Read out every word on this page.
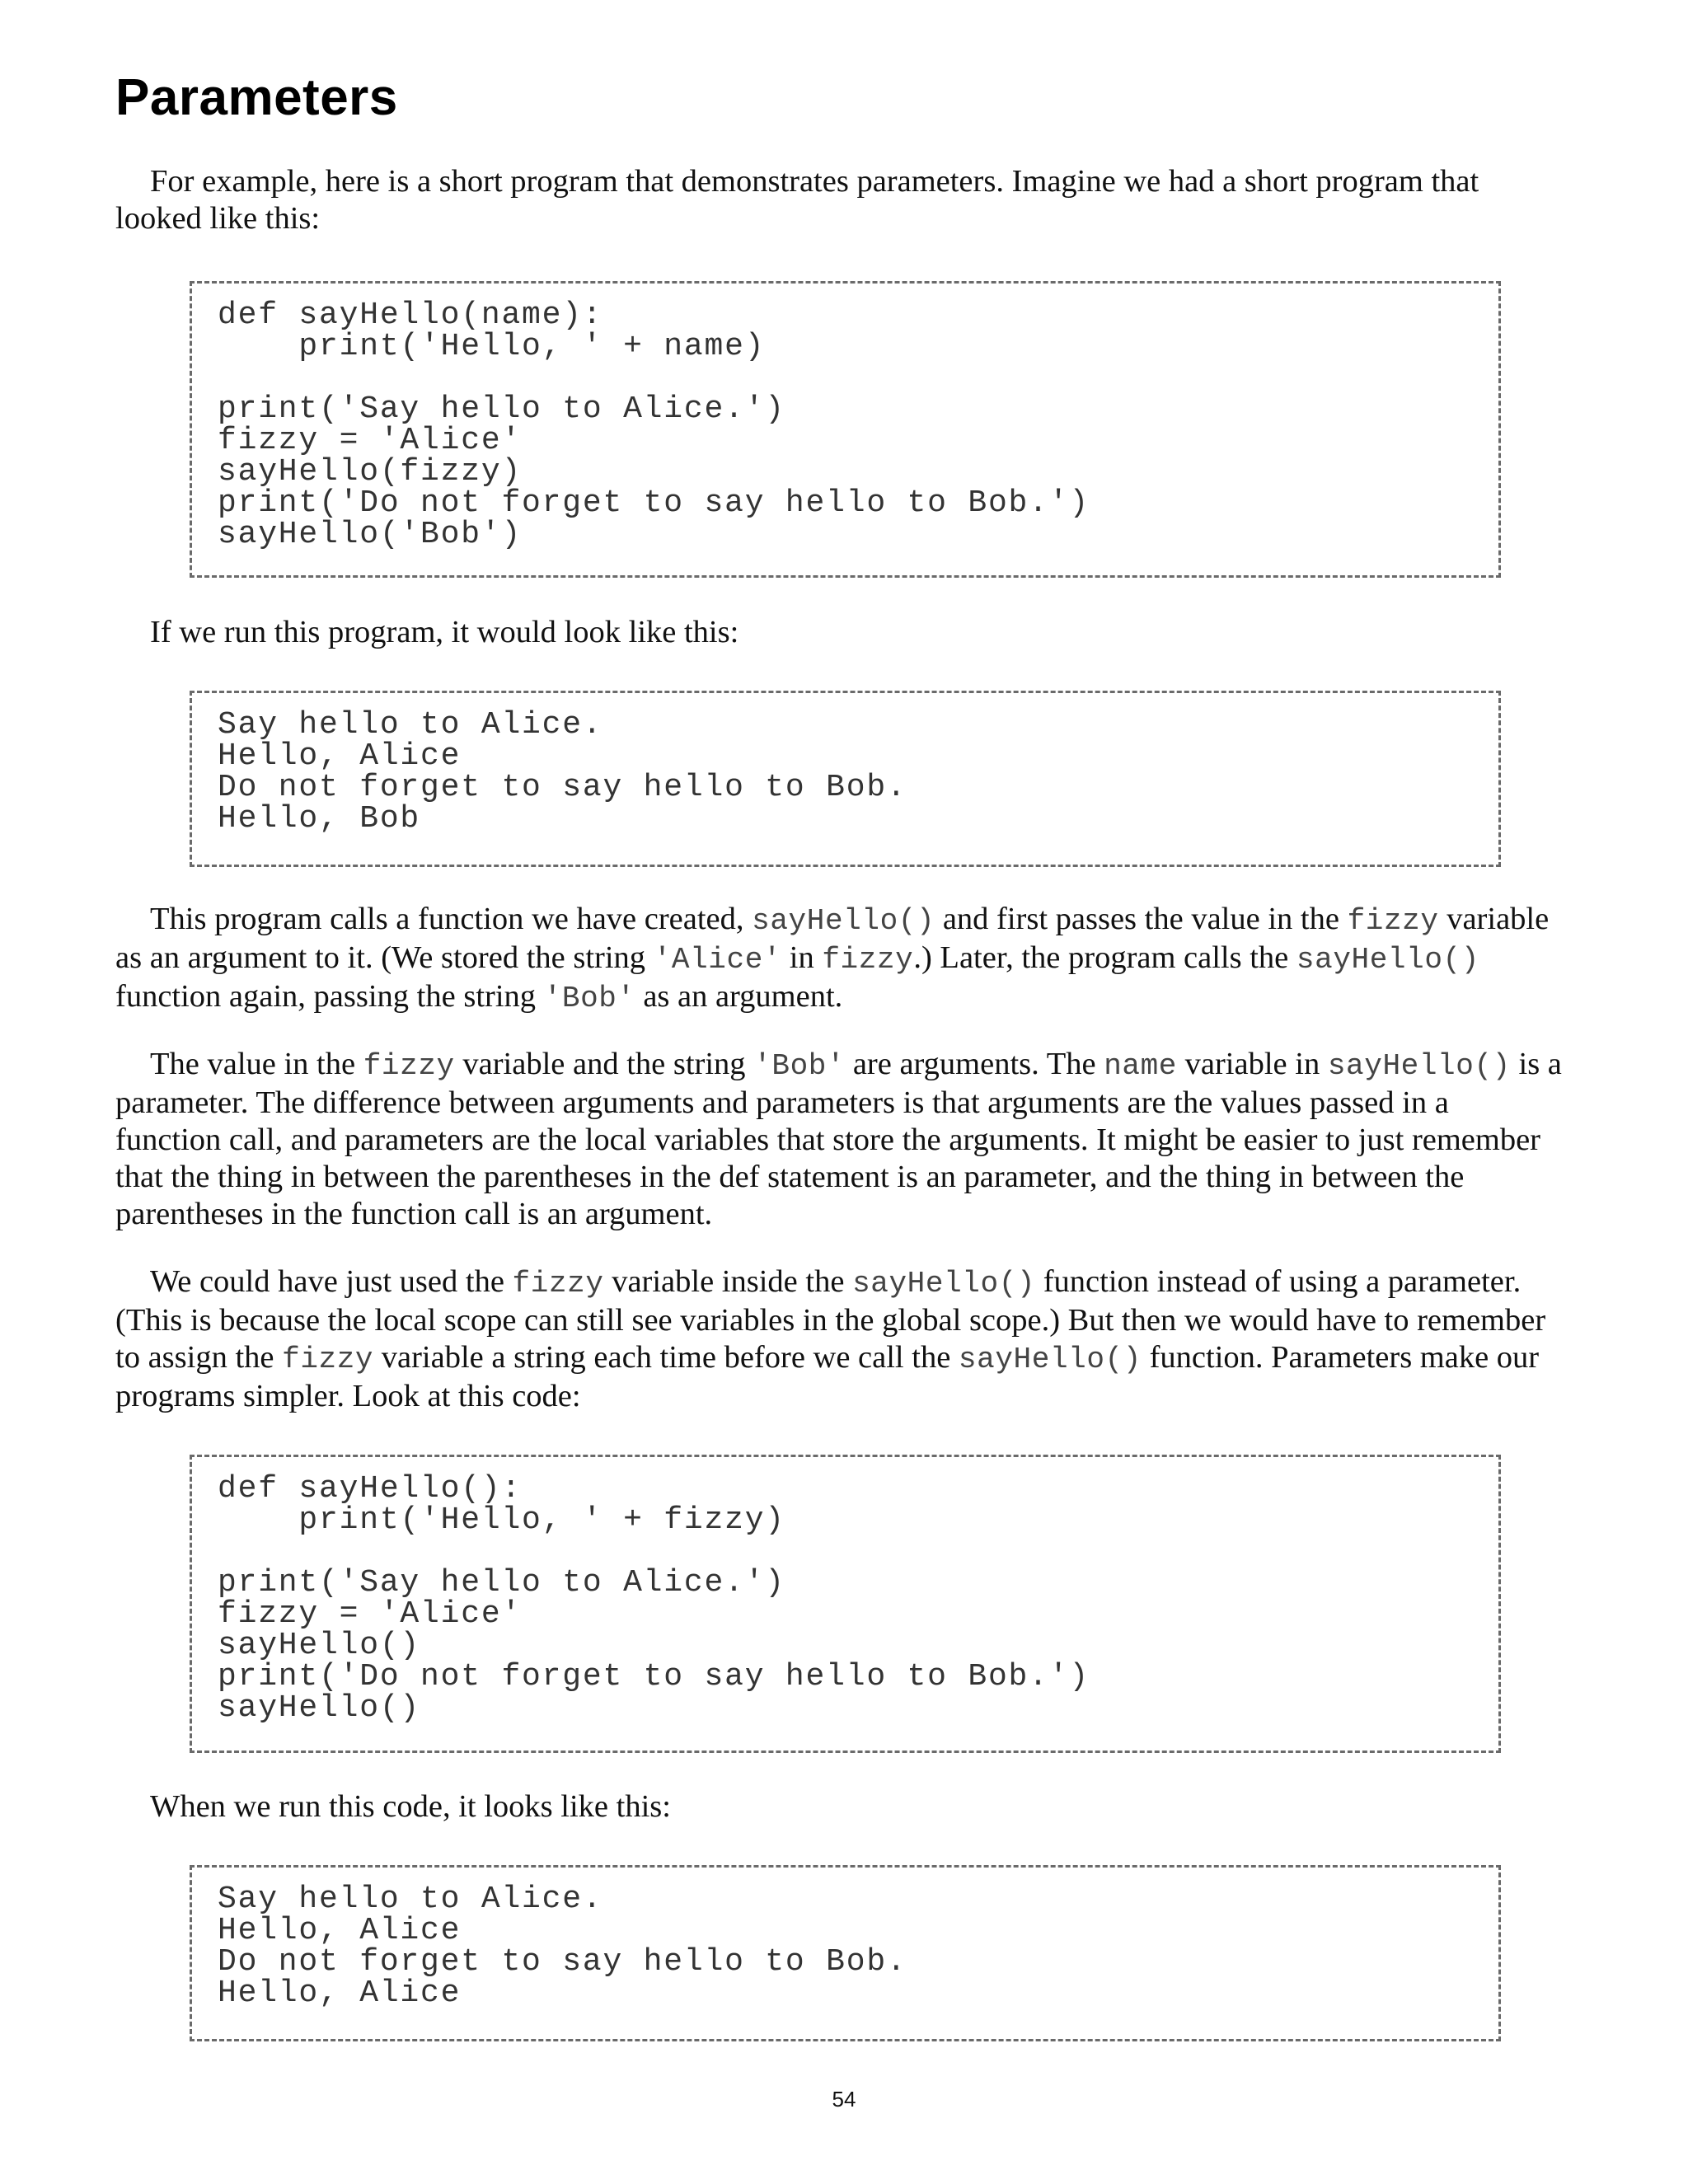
Parameters

For example, here is a short program that demonstrates parameters. Imagine we had a short program that looked like this:

def sayHello(name):
print('Hello, ' + name)
print('Say hello to Alice.')
fizzy = 'Alice'
sayHello(fizzy)
print('Do not forget to say hello to Bob.')
sayHello('Bob')

If we run this program, it would look like this:

Say hello to Alice.
Hello, Alice
Do not forget to say hello to Bob.
Hello, Bob

This program calls a function we have created, sayHello() and first passes the value in the fizzy variable as an argument to it. (We stored the string 'Alice' in fizzy.) Later, the program calls the sayHello() function again, passing the string 'Bob' as an argument.

The value in the fizzy variable and the string 'Bob' are arguments. The name variable in sayHello() is a parameter. The difference between arguments and parameters is that arguments are the values passed in a function call, and parameters are the local variables that store the arguments. It might be easier to just remember that the thing in between the parentheses in the def statement is an parameter, and the thing in between the parentheses in the function call is an argument.

We could have just used the fizzy variable inside the sayHello() function instead of using a parameter. (This is because the local scope can still see variables in the global scope.) But then we would have to remember to assign the fizzy variable a string each time before we call the sayHello() function. Parameters make our programs simpler. Look at this code:

def sayHello():
print('Hello, ' + fizzy)
print('Say hello to Alice.')
fizzy = 'Alice'
sayHello()
print('Do not forget to say hello to Bob.')
sayHello()

When we run this code, it looks like this:

Say hello to Alice.
Hello, Alice
Do not forget to say hello to Bob.
Hello, Alice
54
